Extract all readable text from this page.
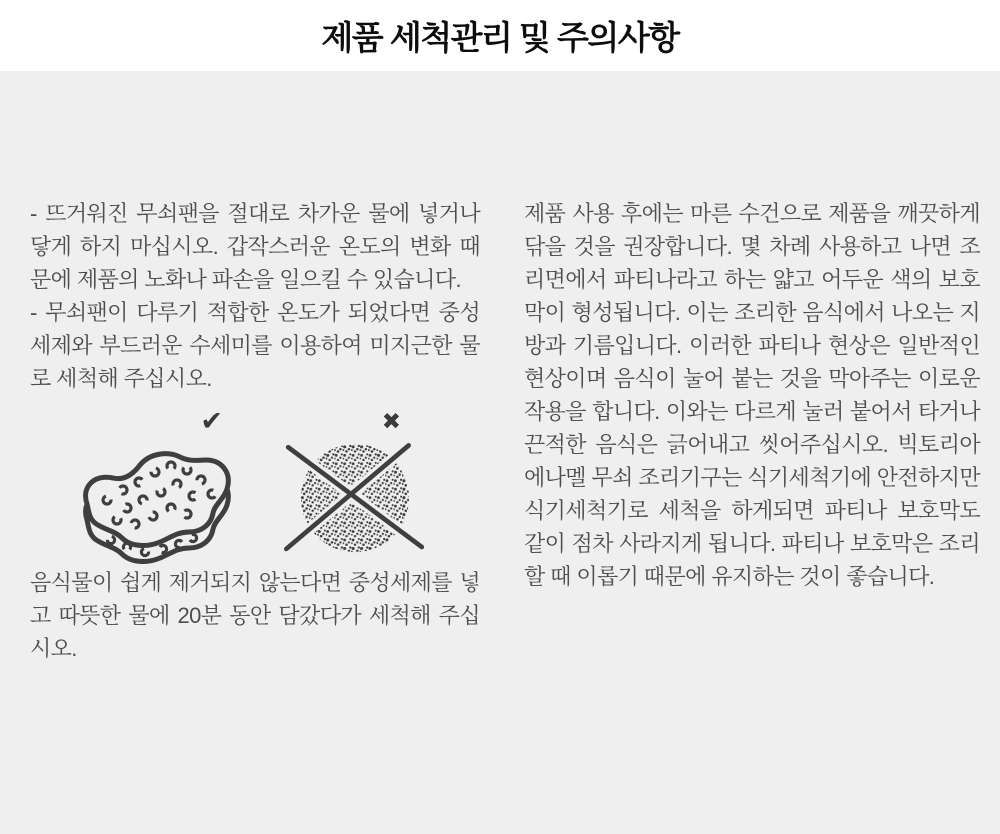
제품 세척관리 및 주의사항

- 뜨거워진 무쇠팬을 절대로 차가운 물에 넣거나 닿게 하지 마십시오. 갑작스러운 온도의 변화 때문에 제품의 노화나 파손을 일으킬 수 있습니다.

- 무쇠팬이 다루기 적합한 온도가 되었다면 중성세제와 부드러운 수세미를 이용하여 미지근한 물로 세척해 주십시오.

✔	✖

음식물이 쉽게 제거되지 않는다면 중성세제를 넣고 따뜻한 물에 20분 동안 담갔다가 세척해 주십시오.

제품 사용 후에는 마른 수건으로 제품을 깨끗하게 닦을 것을 권장합니다. 몇 차례 사용하고 나면 조리면에서 파티나라고 하는 얇고 어두운 색의 보호막이 형성됩니다. 이는 조리한 음식에서 나오는 지방과 기름입니다. 이러한 파티나 현상은 일반적인 현상이며 음식이 눌어 붙는 것을 막아주는 이로운 작용을 합니다. 이와는 다르게 눌러 붙어서 타거나 끈적한 음식은 긁어내고 씻어주십시오. 빅토리아 에나멜 무쇠 조리기구는 식기세척기에 안전하지만 식기세척기로 세척을 하게되면 파티나 보호막도 같이 점차 사라지게 됩니다. 파티나 보호막은 조리할 때 이롭기 때문에 유지하는 것이 좋습니다.
